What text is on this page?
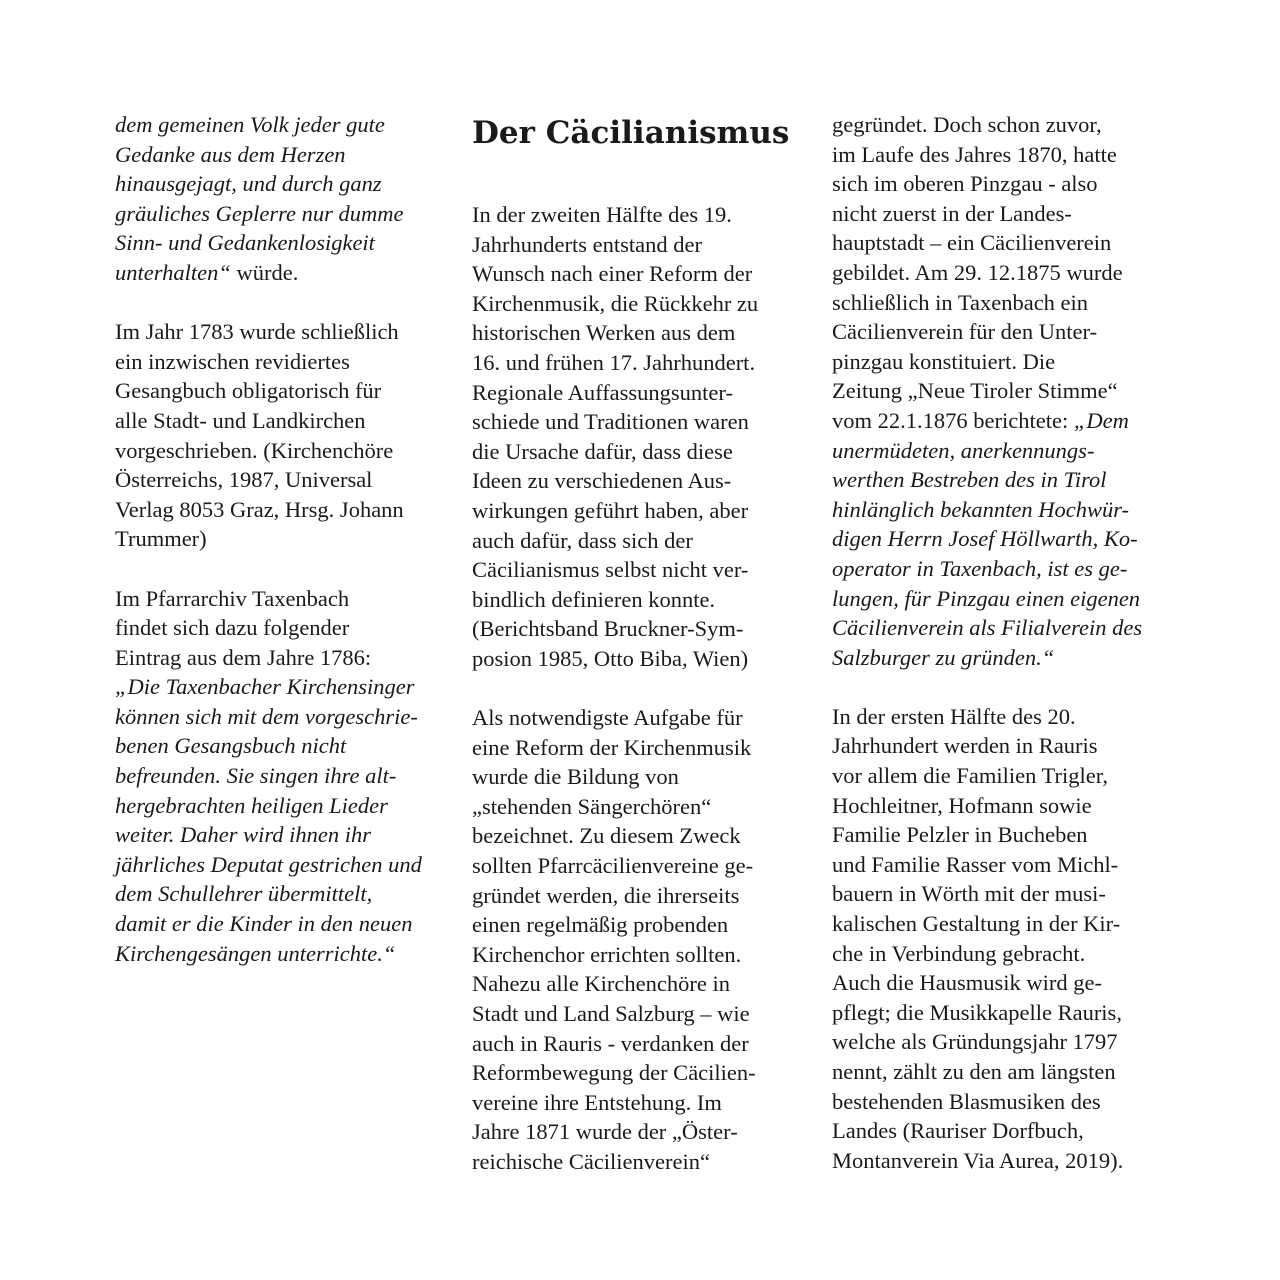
dem gemeinen Volk jeder gute
Gedanke aus dem Herzen
hinausgejagt, und durch ganz
gräuliches Geplerre nur dumme
Sinn- und Gedankenlosigkeit
unterhalten“ würde.
Im Jahr 1783 wurde schließlich
ein inzwischen revidiertes
Gesangbuch obligatorisch für
alle Stadt- und Landkirchen
vorgeschrieben. (Kirchenchöre
Österreichs, 1987, Universal
Verlag 8053 Graz, Hrsg. Johann
Trummer)
Im Pfarrarchiv Taxenbach
findet sich dazu folgender
Eintrag aus dem Jahre 1786:
„Die Taxenbacher Kirchensinger
können sich mit dem vorgeschrie-
benen Gesangsbuch nicht
befreunden. Sie singen ihre alt-
hergebrachten heiligen Lieder
weiter. Daher wird ihnen ihr
jährliches Deputat gestrichen und
dem Schullehrer übermittelt,
damit er die Kinder in den neuen
Kirchengesängen unterrichte.“
Der Cäcilianismus
In der zweiten Hälfte des 19.
Jahrhunderts entstand der
Wunsch nach einer Reform der
Kirchenmusik, die Rückkehr zu
historischen Werken aus dem
16. und frühen 17. Jahrhundert.
Regionale Auffassungsunter-
schiede und Traditionen waren
die Ursache dafür, dass diese
Ideen zu verschiedenen Aus-
wirkungen geführt haben, aber
auch dafür, dass sich der
Cäcilianismus selbst nicht ver-
bindlich definieren konnte.
(Berichtsband Bruckner-Sym-
posion 1985, Otto Biba, Wien)
Als notwendigste Aufgabe für
eine Reform der Kirchenmusik
wurde die Bildung von
„stehenden Sängerchören“
bezeichnet. Zu diesem Zweck
sollten Pfarrcäcilienvereine ge-
gründet werden, die ihrerseits
einen regelmäßig probenden
Kirchenchor errichten sollten.
Nahezu alle Kirchenchöre in
Stadt und Land Salzburg – wie
auch in Rauris - verdanken der
Reformbewegung der Cäcilien-
vereine ihre Entstehung. Im
Jahre 1871 wurde der „Öster-
reichische Cäcilienverein“
gegründet. Doch schon zuvor,
im Laufe des Jahres 1870, hatte
sich im oberen Pinzgau - also
nicht zuerst in der Landes-
hauptstadt – ein Cäcilienverein
gebildet. Am 29. 12.1875 wurde
schließlich in Taxenbach ein
Cäcilienverein für den Unter-
pinzgau konstituiert. Die
Zeitung „Neue Tiroler Stimme“
vom 22.1.1876 berichtete: „Dem
unermüdeten, anerkennungs-
werthen Bestreben des in Tirol
hinlänglich bekannten Hochwür-
digen Herrn Josef Höllwarth, Ko-
operator in Taxenbach, ist es ge-
lungen, für Pinzgau einen eigenen
Cäcilienverein als Filialverein des
Salzburger zu gründen.“
In der ersten Hälfte des 20.
Jahrhundert werden in Rauris
vor allem die Familien Trigler,
Hochleitner, Hofmann sowie
Familie Pelzler in Bucheben
und Familie Rasser vom Michl-
bauern in Wörth mit der musi-
kalischen Gestaltung in der Kir-
che in Verbindung gebracht.
Auch die Hausmusik wird ge-
pflegt; die Musikkapelle Rauris,
welche als Gründungsjahr 1797
nennt, zählt zu den am längsten
bestehenden Blasmusiken des
Landes (Rauriser Dorfbuch,
Montanverein Via Aurea, 2019).
